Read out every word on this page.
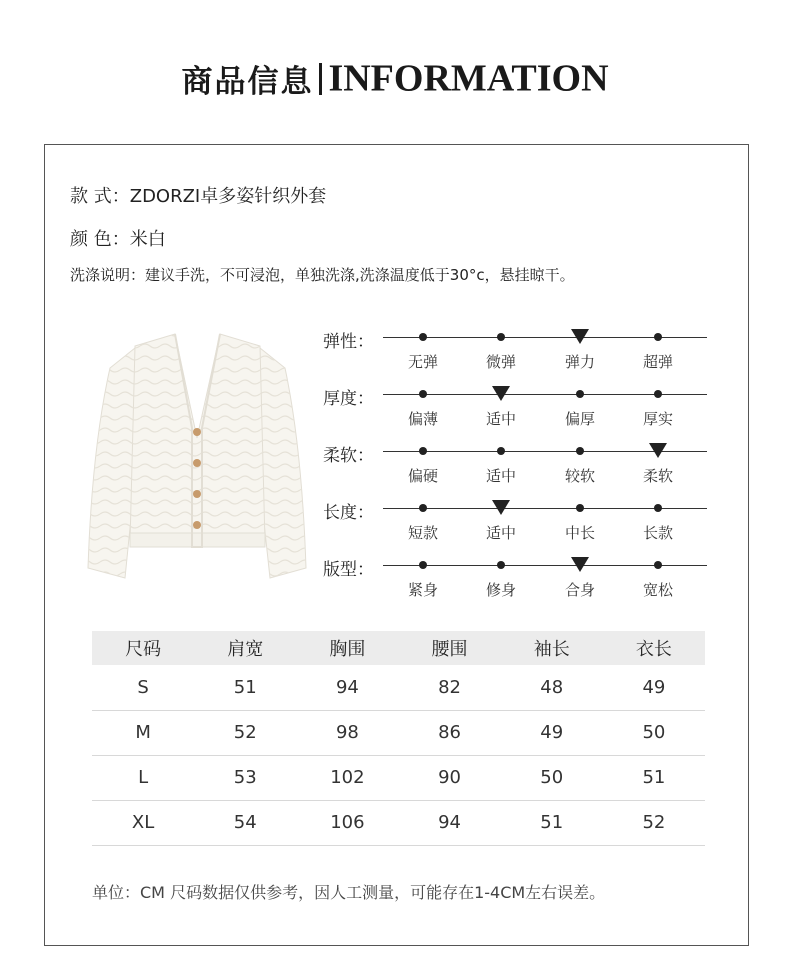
商品信息 INFORMATION
款 式：ZDORZI卓多姿针织外套
颜 色：米白
洗涤说明：建议手洗，不可浸泡，单独洗涤,洗涤温度低于30°c，悬挂晾干。
弹性：
无弹	微弹	弹力	超弹
厚度：
偏薄	适中	偏厚	厚实
柔软：
偏硬	适中	较软	柔软
长度：
短款	适中	中长	长款
版型：
紧身	修身	合身	宽松
尺码	肩宽	胸围	腰围	袖长	衣长
S	51	94	82	48	49
M	52	98	86	49	50
L	53	102	90	50	51
XL	54	106	94	51	52
单位：CM 尺码数据仅供参考，因人工测量，可能存在1-4CM左右误差。
